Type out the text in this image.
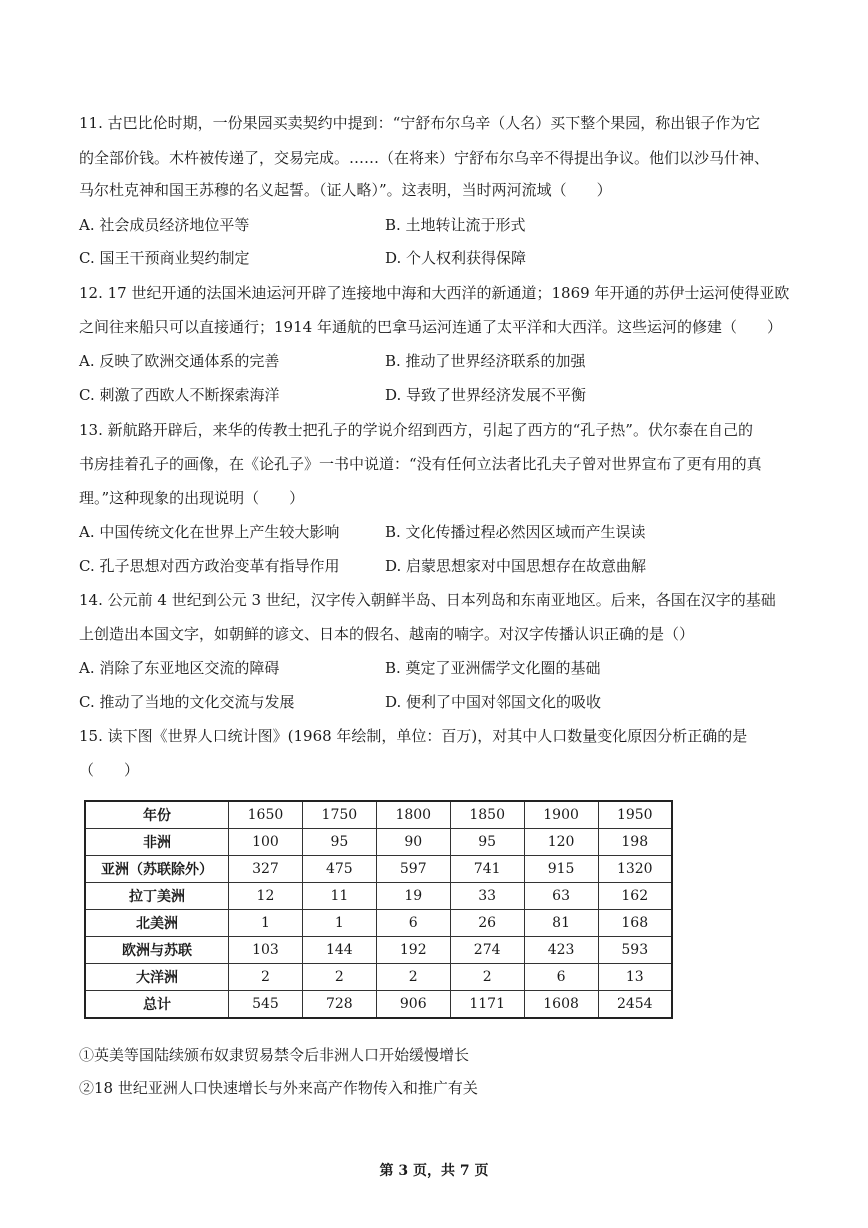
11. 古巴比伦时期，一份果园买卖契约中提到：“宁舒布尔乌辛（人名）买下整个果园，称出银子作为它
的全部价钱。木杵被传递了，交易完成。……（在将来）宁舒布尔乌辛不得提出争议。他们以沙马什神、
马尔杜克神和国王苏穆的名义起誓。（证人略）”。这表明，当时两河流域（　　）
A. 社会成员经济地位平等	B. 土地转让流于形式
C. 国王干预商业契约制定	D. 个人权利获得保障
12. 17 世纪开通的法国米迪运河开辟了连接地中海和大西洋的新通道；1869 年开通的苏伊士运河使得亚欧
之间往来船只可以直接通行；1914 年通航的巴拿马运河连通了太平洋和大西洋。这些运河的修建（　　）
A. 反映了欧洲交通体系的完善	B. 推动了世界经济联系的加强
C. 刺激了西欧人不断探索海洋	D. 导致了世界经济发展不平衡
13. 新航路开辟后，来华的传教士把孔子的学说介绍到西方，引起了西方的“孔子热”。伏尔泰在自己的
书房挂着孔子的画像，在《论孔子》一书中说道：“没有任何立法者比孔夫子曾对世界宣布了更有用的真
理。”这种现象的出现说明（　　）
A. 中国传统文化在世界上产生较大影响	B. 文化传播过程必然因区域而产生误读
C. 孔子思想对西方政治变革有指导作用	D. 启蒙思想家对中国思想存在故意曲解
14. 公元前 4 世纪到公元 3 世纪，汉字传入朝鲜半岛、日本列岛和东南亚地区。后来，各国在汉字的基础
上创造出本国文字，如朝鲜的谚文、日本的假名、越南的喃字。对汉字传播认识正确的是（）
A. 消除了东亚地区交流的障碍	B. 奠定了亚洲儒学文化圈的基础
C. 推动了当地的文化交流与发展	D. 便利了中国对邻国文化的吸收
15. 读下图《世界人口统计图》(1968 年绘制，单位：百万)，对其中人口数量变化原因分析正确的是
（　　）
年份	1650	1750	1800	1850	1900	1950
非洲	100	95	90	95	120	198
亚洲（苏联除外）	327	475	597	741	915	1320
拉丁美洲	12	11	19	33	63	162
北美洲	1	1	6	26	81	168
欧洲与苏联	103	144	192	274	423	593
大洋洲	2	2	2	2	6	13
总计	545	728	906	1171	1608	2454
①英美等国陆续颁布奴隶贸易禁令后非洲人口开始缓慢增长
②18 世纪亚洲人口快速增长与外来高产作物传入和推广有关
第 3 页，共 7 页
